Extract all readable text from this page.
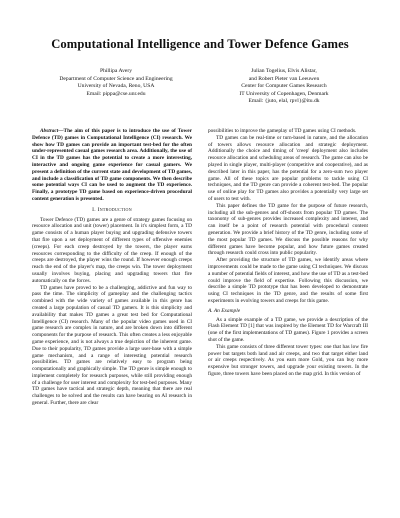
Computational Intelligence and Tower Defence Games
Phillipa Avery
Department of Computer Science and Engineering
University of Nevada, Reno, USA
Email: pippa@cse.unr.edu
Julian Togelius, Elvis Alistar,
and Robert Pieter van Leeuwen
Center for Computer Games Research
IT University of Copenhagen, Denmark
Email: {juto, elal, rpvl}@itu.dk

Abstract—The aim of this paper is to introduce the use of Tower Defence (TD) games in Computational Intelligence (CI) research. We show how TD games can provide an important test-bed for the often under-represented casual games research area. Additionally, the use of CI in the TD games has the potential to create a more interesting, interactive and ongoing game experience for casual gamers. We present a definition of the current state and development of TD games, and include a classification of TD game components. We then describe some potential ways CI can be used to augment the TD experience. Finally, a prototype TD game based on experience-driven procedural content generation is presented.

I. Introduction

Tower Defence (TD) games are a genre of strategy games focusing on resource allocation and unit (tower) placement. In it's simplest form, a TD game consists of a human player buying and upgrading defensive towers that fire upon a set deployment of different types of offensive enemies (creeps). For each creep destroyed by the towers, the player earns resources corresponding to the difficulty of the creep. If enough of the creeps are destroyed, the player wins the round. If however enough creeps reach the end of the player's map, the creeps win. The tower deployment usually involves buying, placing and upgrading towers that fire automatically on the forces.

TD games have proved to be a challenging, addictive and fun way to pass the time. The simplicity of gameplay and the challenging tactics combined with the wide variety of games available in this genre has created a large population of casual TD gamers. It is this simplicity and availability that makes TD games a great test bed for Computational Intelligence (CI) research. Many of the popular video games used in CI game research are complex in nature, and are broken down into different components for the purpose of research. This often creates a less enjoyable game experience, and is not always a true depiction of the inherent game. Due to their popularity, TD games provide a large user-base with a simple game mechanism, and a range of interesting potential research possibilities. TD games are relatively easy to program being computationally and graphically simple. The TD genre is simple enough to implement completely for research purposes, while still providing enough of a challenge for user interest and complexity for test-bed purposes. Many TD games have tactical and strategic depth, meaning that there are real challenges to be solved and the results can have bearing on AI research in general. Further, there are clear

possibilities to improve the gameplay of TD games using CI methods.

TD games can be real-time or turn-based in nature, and the allocation of towers allows resource allocation and strategic deployment. Additionally the choice and timing of 'creep' deployment also includes resource allocation and scheduling areas of research. The game can also be played in single player, multi-player (competitive and cooperative), and as described later in this paper, has the potential for a zero-sum two player game. All of these topics are popular problems to tackle using CI techniques, and the TD genre can provide a coherent test-bed. The popular use of online play for TD games also provides a potentially very large set of users to test with.

This paper defines the TD game for the purpose of future research, including all the sub-genres and off-shoots from popular TD games. The taxonomy of sub-genres provides increased complexity and interest, and can itself be a point of research potential with procedural content generation. We provide a brief history of the TD genre, including some of the most popular TD games. We discuss the possible reasons for why different games have become popular, and how future games created through research could cross into public popularity.

After providing the structure of TD games, we identify areas where improvements could be made to the game using CI techniques. We discuss a number of potential fields of interest, and how the use of TD as a test-bed could improve the field of expertise. Following this discussion, we describe a simple TD prototype that has been developed to demonstrate using CI techniques in the TD genre, and the results of some first experiments in evolving towers and creeps for this game.

A. An Example

As a simple example of a TD game, we provide a description of the Flash Element TD [1] that was inspired by the Element TD for Warcraft III (one of the first implementations of TD games). Figure 1 provides a screen shot of the game.

This game consists of three different tower types: one that has low fire power but targets both land and air creeps, and two that target either land or air creeps respectively. As you earn more Gold, you can buy more expensive but stronger towers, and upgrade your existing towers. In the figure, three towers have been placed on the map grid. In this version of
